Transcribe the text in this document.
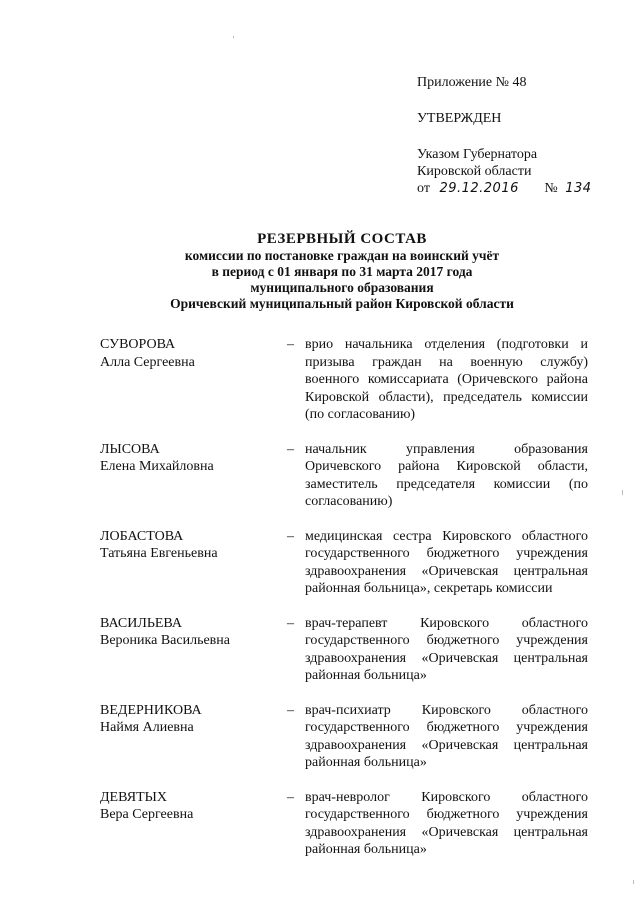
Приложение № 48
УТВЕРЖДЕН
Указом Губернатора
Кировской области
от 29.12.2016 № 134
РЕЗЕРВНЫЙ СОСТАВ
комиссии по постановке граждан на воинский учёт
в период с 01 января по 31 марта 2017 года
муниципального образования
Оричевский муниципальный район Кировской области
СУВОРОВА
Алла Сергеевна
– врио начальника отделения (подготовки и призыва граждан на военную службу) военного комиссариата (Оричевского района Кировской области), председатель комиссии (по согласованию)
ЛЫСОВА
Елена Михайловна
– начальник управления образования Оричевского района Кировской области, заместитель председателя комиссии (по согласованию)
ЛОБАСТОВА
Татьяна Евгеньевна
– медицинская сестра Кировского областного государственного бюджетного учреждения здравоохранения «Оричевская центральная районная больница», секретарь комиссии
ВАСИЛЬЕВА
Вероника Васильевна
– врач-терапевт Кировского областного государственного бюджетного учреждения здравоохранения «Оричевская центральная районная больница»
ВЕДЕРНИКОВА
Наймя Алиевна
– врач-психиатр Кировского областного государственного бюджетного учреждения здравоохранения «Оричевская центральная районная больница»
ДЕВЯТЫХ
Вера Сергеевна
– врач-невролог Кировского областного государственного бюджетного учреждения здравоохранения «Оричевская центральная районная больница»
